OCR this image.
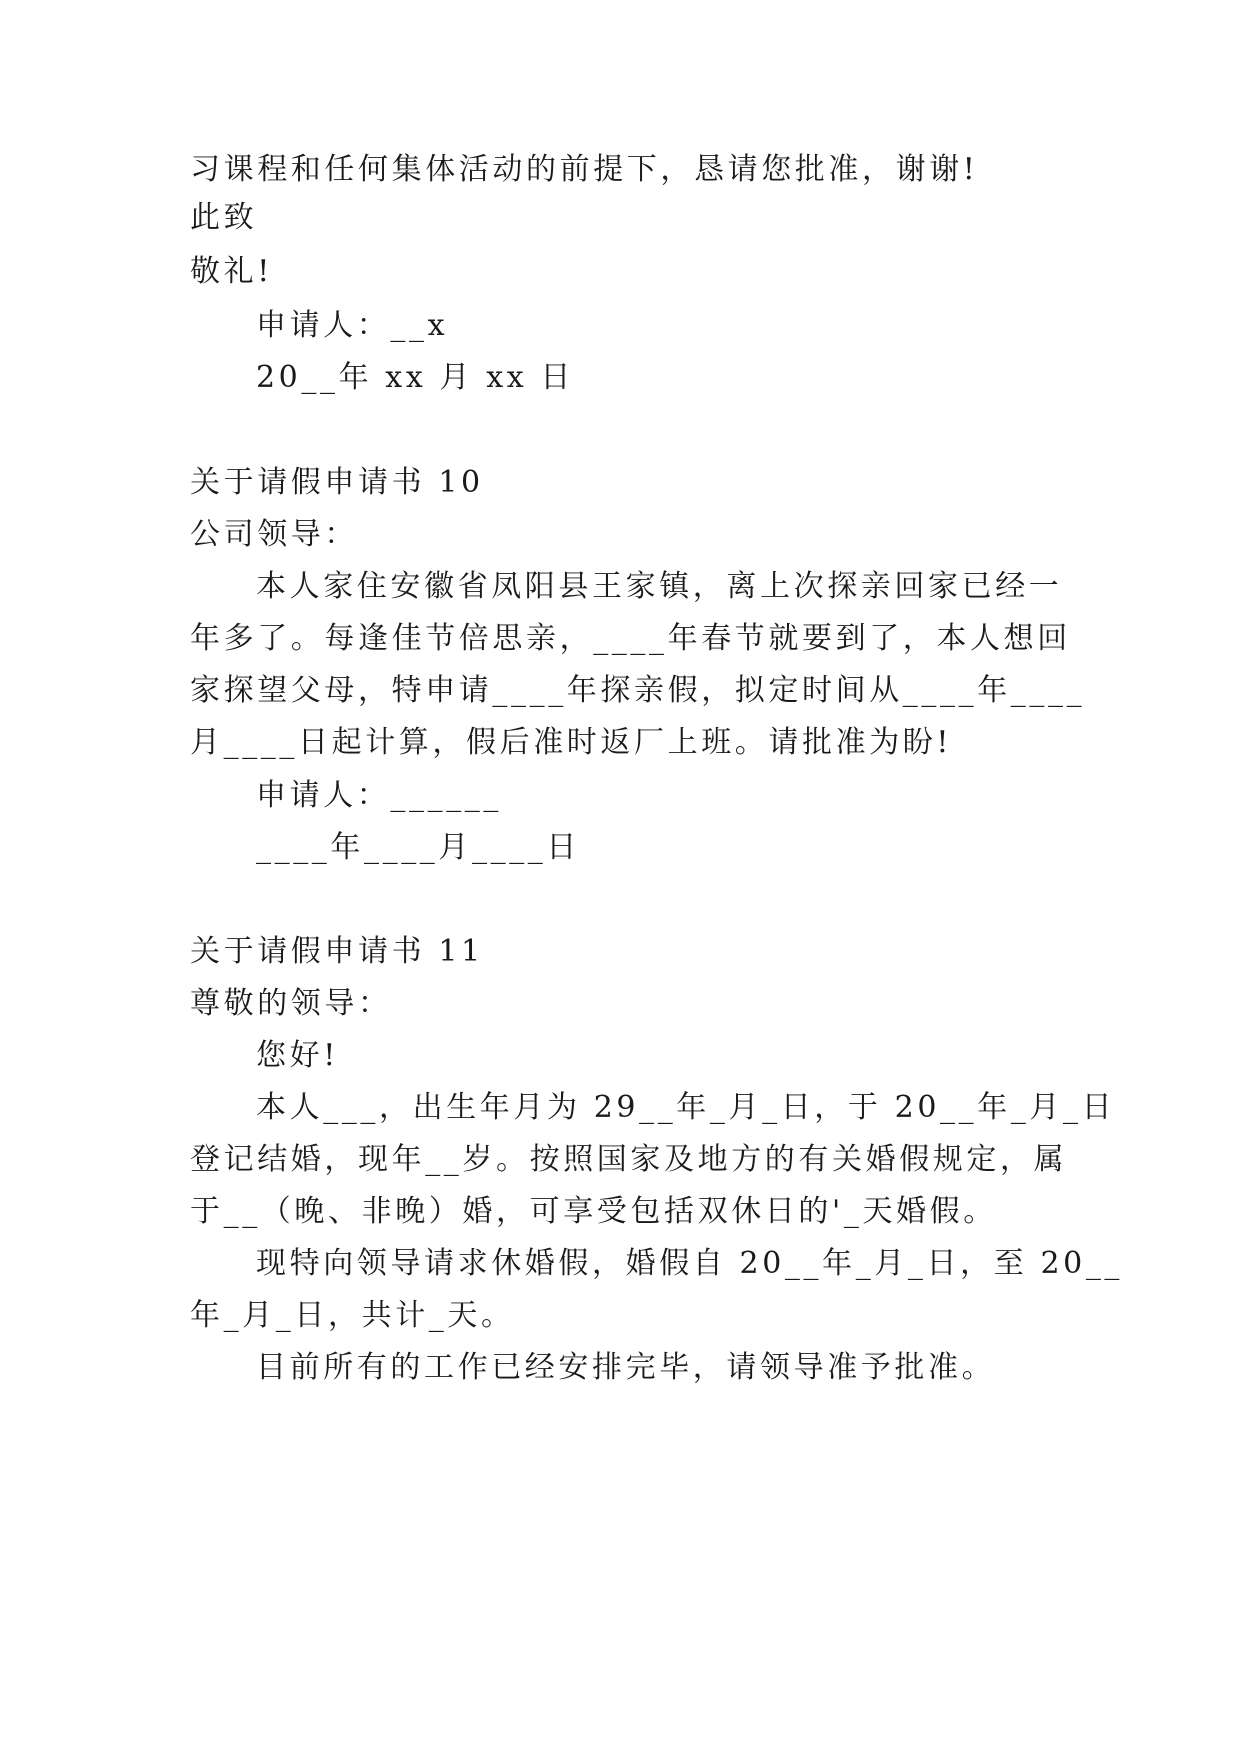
习课程和任何集体活动的前提下，恳请您批准，谢谢!
此致
敬礼!
申请人：__x
20__年 xx 月 xx 日
关于请假申请书 10
公司领导：
本人家住安徽省凤阳县王家镇，离上次探亲回家已经一
年多了。每逢佳节倍思亲，____年春节就要到了，本人想回
家探望父母，特申请____年探亲假，拟定时间从____年____
月____日起计算，假后准时返厂上班。请批准为盼!
申请人：______
____年____月____日
关于请假申请书 11
尊敬的领导：
您好!
本人___，出生年月为 29__年_月_日，于 20__年_月_日
登记结婚，现年__岁。按照国家及地方的有关婚假规定，属
于__（晚、非晚）婚，可享受包括双休日的'_天婚假。
现特向领导请求休婚假，婚假自 20__年_月_日，至 20__
年_月_日，共计_天。
目前所有的工作已经安排完毕，请领导准予批准。
